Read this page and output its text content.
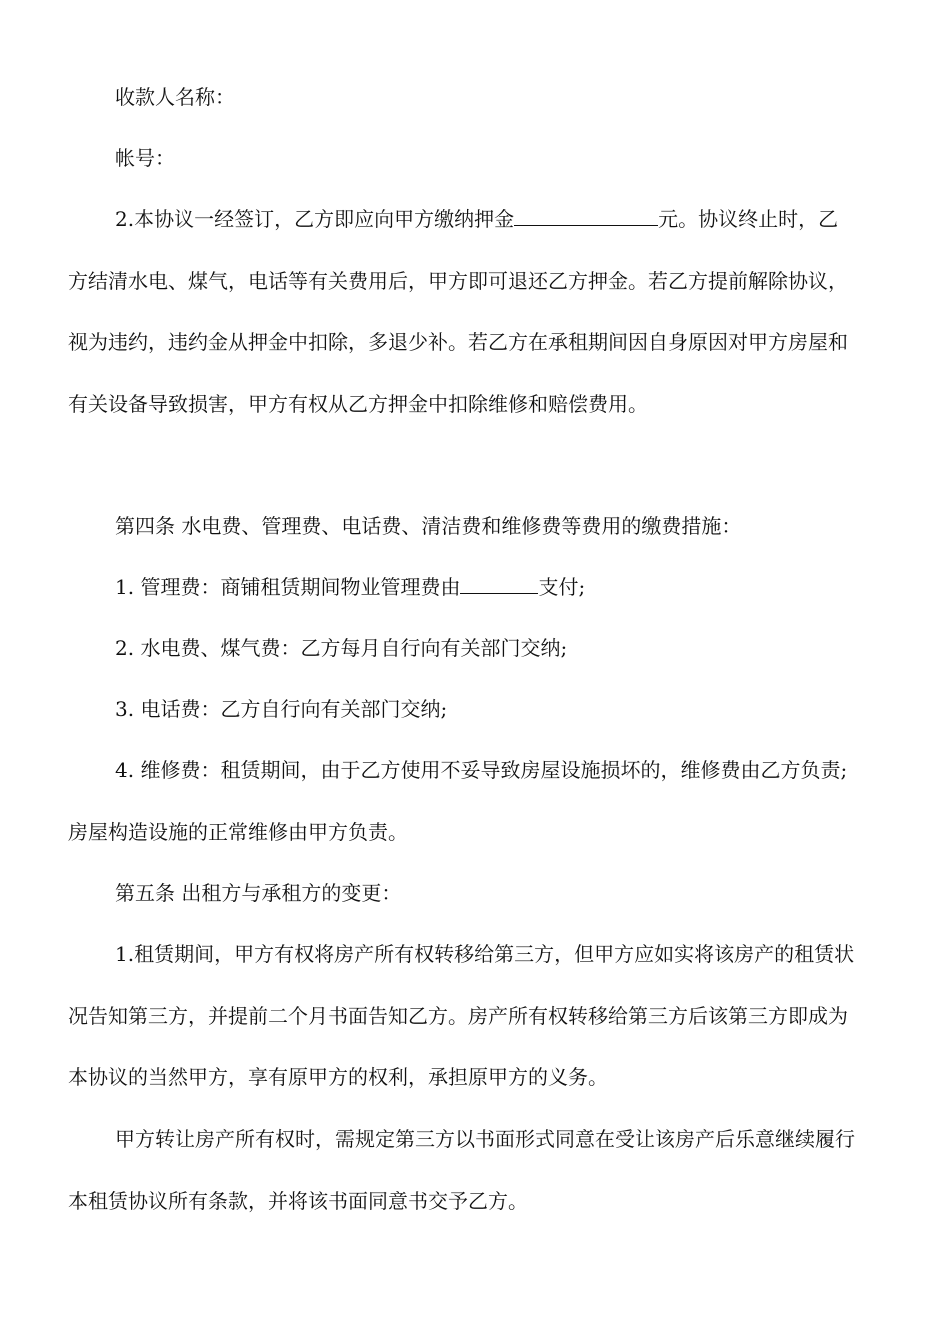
收款人名称：

帐号：

2.本协议一经签订，乙方即应向甲方缴纳押金	元。协议终止时，乙方结清水电、煤气，电话等有关费用后，甲方即可退还乙方押金。若乙方提前解除协议，视为违约，违约金从押金中扣除，多退少补。若乙方在承租期间因自身原因对甲方房屋和有关设备导致损害，甲方有权从乙方押金中扣除维修和赔偿费用。

第四条 水电费、管理费、电话费、清洁费和维修费等费用的缴费措施：

1. 管理费：商铺租赁期间物业管理费由	支付;

2. 水电费、煤气费：乙方每月自行向有关部门交纳;

3. 电话费：乙方自行向有关部门交纳;

4. 维修费：租赁期间，由于乙方使用不妥导致房屋设施损坏的，维修费由乙方负责;房屋构造设施的正常维修由甲方负责。

第五条 出租方与承租方的变更：

1.租赁期间，甲方有权将房产所有权转移给第三方，但甲方应如实将该房产的租赁状况告知第三方，并提前二个月书面告知乙方。房产所有权转移给第三方后该第三方即成为本协议的当然甲方，享有原甲方的权利，承担原甲方的义务。

甲方转让房产所有权时，需规定第三方以书面形式同意在受让该房产后乐意继续履行本租赁协议所有条款，并将该书面同意书交予乙方。
